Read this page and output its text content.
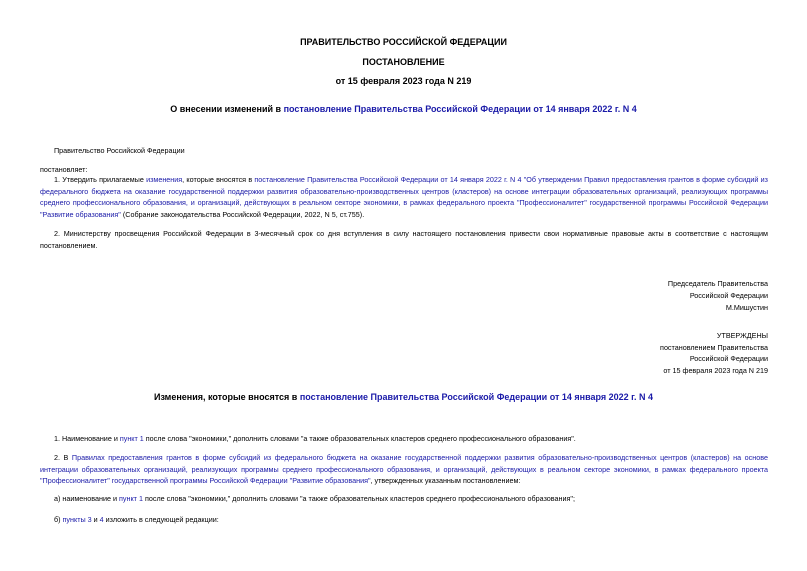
ПРАВИТЕЛЬСТВО РОССИЙСКОЙ ФЕДЕРАЦИИ
ПОСТАНОВЛЕНИЕ
от 15 февраля 2023 года N 219
О внесении изменений в постановление Правительства Российской Федерации от 14 января 2022 г. N 4
Правительство Российской Федерации
постановляет:
1. Утвердить прилагаемые изменения, которые вносятся в постановление Правительства Российской Федерации от 14 января 2022 г. N 4 "Об утверждении Правил предоставления грантов в форме субсидий из федерального бюджета на оказание государственной поддержки развития образовательно-производственных центров (кластеров) на основе интеграции образовательных организаций, реализующих программы среднего профессионального образования, и организаций, действующих в реальном секторе экономики, в рамках федерального проекта "Профессионалитет" государственной программы Российской Федерации "Развитие образования" (Собрание законодательства Российской Федерации, 2022, N 5, ст.755).
2. Министерству просвещения Российской Федерации в 3-месячный срок со дня вступления в силу настоящего постановления привести свои нормативные правовые акты в соответствие с настоящим постановлением.
Председатель Правительства
Российской Федерации
М.Мишустин
УТВЕРЖДЕНЫ
постановлением Правительства
Российской Федерации
от 15 февраля 2023 года N 219
Изменения, которые вносятся в постановление Правительства Российской Федерации от 14 января 2022 г. N 4
1. Наименование и пункт 1 после слова "экономики," дополнить словами "а также образовательных кластеров среднего профессионального образования".
2. В Правилах предоставления грантов в форме субсидий из федерального бюджета на оказание государственной поддержки развития образовательно-производственных центров (кластеров) на основе интеграции образовательных организаций, реализующих программы среднего профессионального образования, и организаций, действующих в реальном секторе экономики, в рамках федерального проекта "Профессионалитет" государственной программы Российской Федерации "Развитие образования", утвержденных указанным постановлением:
а) наименование и пункт 1 после слова "экономики," дополнить словами "а также образовательных кластеров среднего профессионального образования";
б) пункты 3 и 4 изложить в следующей редакции:
